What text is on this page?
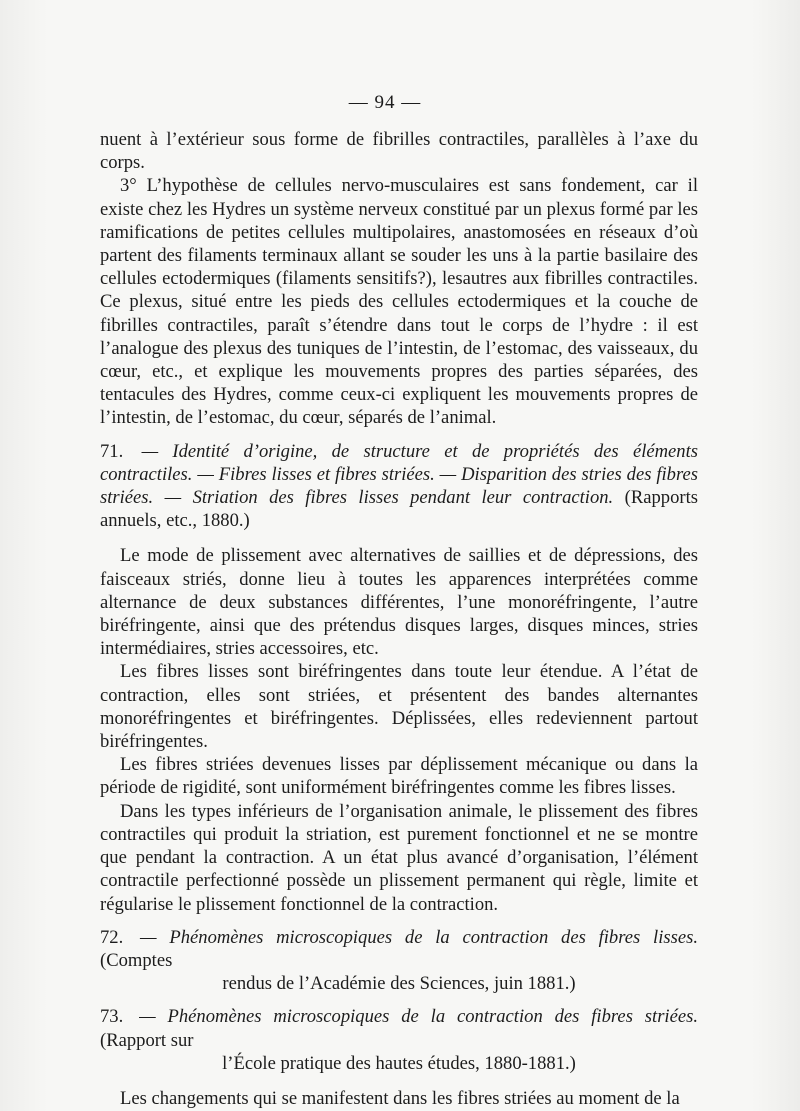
— 94 —

nuent à l’extérieur sous forme de fibrilles contractiles, parallèles à l’axe du corps.

3° L’hypothèse de cellules nervo-musculaires est sans fondement, car il existe chez les Hydres un système nerveux constitué par un plexus formé par les ramifications de petites cellules multipolaires, anastomosées en réseaux d’où partent des filaments terminaux allant se souder les uns à la partie basilaire des cellules ectodermiques (filaments sensitifs?), lesautres aux fibrilles contractiles. Ce plexus, situé entre les pieds des cellules ectodermiques et la couche de fibrilles contractiles, paraît s’étendre dans tout le corps de l’hydre : il est l’analogue des plexus des tuniques de l’intestin, de l’estomac, des vaisseaux, du cœur, etc., et explique les mouvements propres des parties séparées, des tentacules des Hydres, comme ceux-ci expliquent les mouvements propres de l’intestin, de l’estomac, du cœur, séparés de l’animal.

71. — Identité d’origine, de structure et de propriétés des éléments contractiles. — Fibres lisses et fibres striées. — Disparition des stries des fibres striées. — Striation des fibres lisses pendant leur contraction. (Rapports annuels, etc., 1880.)

Le mode de plissement avec alternatives de saillies et de dépressions, des faisceaux striés, donne lieu à toutes les apparences interprétées comme alternance de deux substances différentes, l’une monoréfringente, l’autre biréfringente, ainsi que des prétendus disques larges, disques minces, stries intermédiaires, stries accessoires, etc.

Les fibres lisses sont biréfringentes dans toute leur étendue. A l’état de contraction, elles sont striées, et présentent des bandes alternantes monoréfringentes et biréfringentes. Déplissées, elles redeviennent partout biréfringentes.

Les fibres striées devenues lisses par déplissement mécanique ou dans la période de rigidité, sont uniformément biréfringentes comme les fibres lisses.

Dans les types inférieurs de l’organisation animale, le plissement des fibres contractiles qui produit la striation, est purement fonctionnel et ne se montre que pendant la contraction. A un état plus avancé d’organisation, l’élément contractile perfectionné possède un plissement permanent qui règle, limite et régularise le plissement fonctionnel de la contraction.

72. — Phénomènes microscopiques de la contraction des fibres lisses. (Comptes
rendus de l’Académie des Sciences, juin 1881.)

73. — Phénomènes microscopiques de la contraction des fibres striées. (Rapport sur
l’École pratique des hautes études, 1880-1881.)

Les changements qui se manifestent dans les fibres striées au moment de la
